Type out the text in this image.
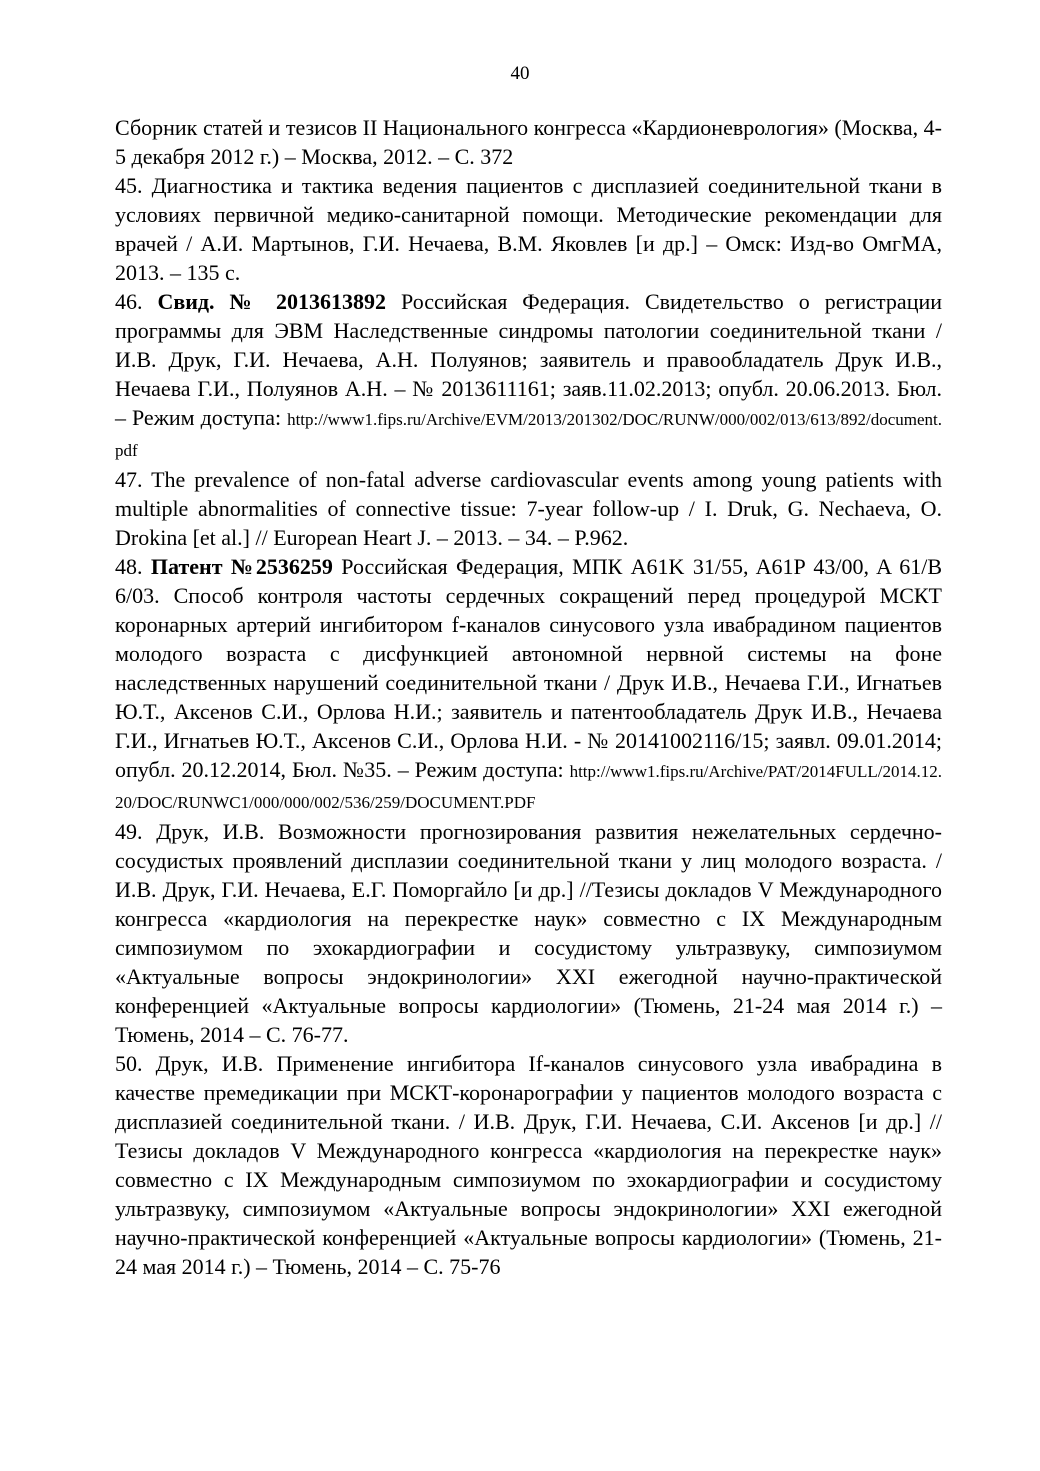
40

Сборник статей и тезисов II Национального конгресса «Кардионеврология» (Москва, 4-5 декабря 2012 г.) – Москва, 2012. – С. 372

45. Диагностика и тактика ведения пациентов с дисплазией соединительной ткани в условиях первичной медико-санитарной помощи. Методические рекомендации для врачей / А.И. Мартынов, Г.И. Нечаева, В.М. Яковлев [и др.] – Омск: Изд-во ОмгМА, 2013. – 135 с.

46. Свид. № 2013613892 Российская Федерация. Свидетельство о регистрации программы для ЭВМ Наследственные синдромы патологии соединительной ткани / И.В. Друк, Г.И. Нечаева, А.Н. Полуянов; заявитель и правообладатель Друк И.В., Нечаева Г.И., Полуянов А.Н. – № 2013611161; заяв.11.02.2013; опубл. 20.06.2013. Бюл. – Режим доступа: http://www1.fips.ru/Archive/EVM/2013/201302/DOC/RUNW/000/002/013/613/892/document.pdf

47. The prevalence of non-fatal adverse cardiovascular events among young patients with multiple abnormalities of connective tissue: 7-year follow-up / I. Druk, G. Nechaeva, O. Drokina [et al.] // European Heart J. – 2013. – 34. – P.962.

48. Патент №2536259 Российская Федерация, МПК A61K 31/55, A61P 43/00, A 61/B 6/03. Способ контроля частоты сердечных сокращений перед процедурой МСКТ коронарных артерий ингибитором f-каналов синусового узла ивабрадином пациентов молодого возраста с дисфункцией автономной нервной системы на фоне наследственных нарушений соединительной ткани / Друк И.В., Нечаева Г.И., Игнатьев Ю.Т., Аксенов С.И., Орлова Н.И.; заявитель и патентообладатель Друк И.В., Нечаева Г.И., Игнатьев Ю.Т., Аксенов С.И., Орлова Н.И. - № 20141002116/15; заявл. 09.01.2014; опубл. 20.12.2014, Бюл. №35. – Режим доступа: http://www1.fips.ru/Archive/PAT/2014FULL/2014.12.20/DOC/RUNWC1/000/000/002/536/259/DOCUMENT.PDF

49. Друк, И.В. Возможности прогнозирования развития нежелательных сердечно-сосудистых проявлений дисплазии соединительной ткани у лиц молодого возраста. / И.В. Друк, Г.И. Нечаева, Е.Г. Поморгайло [и др.] //Тезисы докладов V Международного конгресса «кардиология на перекрестке наук» совместно с IX Международным симпозиумом по эхокардиографии и сосудистому ультразвуку, симпозиумом «Актуальные вопросы эндокринологии» XXI ежегодной научно-практической конференцией «Актуальные вопросы кардиологии» (Тюмень, 21-24 мая 2014 г.) – Тюмень, 2014 – С. 76-77.

50. Друк, И.В. Применение ингибитора If-каналов синусового узла ивабрадина в качестве премедикации при МСКТ-коронарографии у пациентов молодого возраста с дисплазией соединительной ткани. / И.В. Друк, Г.И. Нечаева, С.И. Аксенов [и др.] // Тезисы докладов V Международного конгресса «кардиология на перекрестке наук» совместно с IX Международным симпозиумом по эхокардиографии и сосудистому ультразвуку, симпозиумом «Актуальные вопросы эндокринологии» XXI ежегодной научно-практической конференцией «Актуальные вопросы кардиологии» (Тюмень, 21-24 мая 2014 г.) – Тюмень, 2014 – С. 75-76
